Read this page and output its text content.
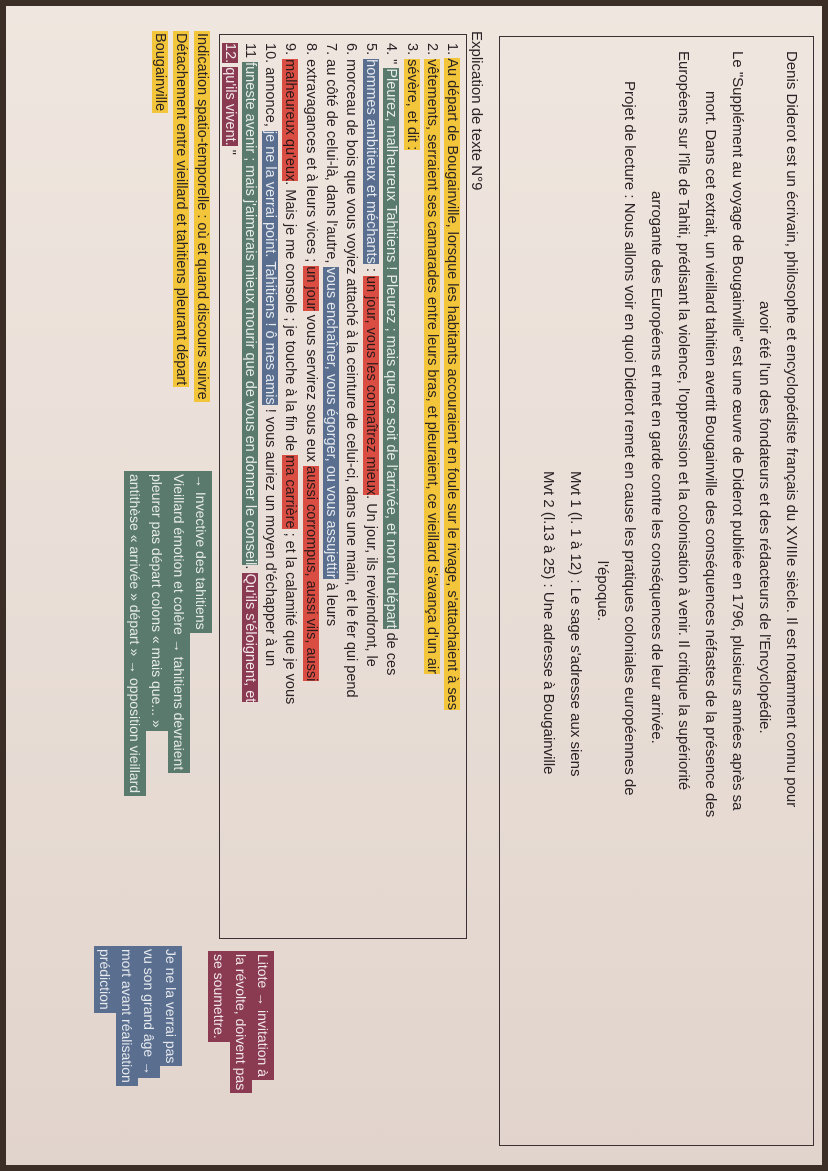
Denis Diderot est un écrivain, philosophe et encyclopédiste français du XVIIIe siècle. Il est notamment connu pour

avoir été l'un des fondateurs et des rédacteurs de l'Encyclopédie.

Le "Supplément au voyage de Bougainville" est une œuvre de Diderot publiée en 1796, plusieurs années après sa

mort. Dans cet extrait, un vieillard tahitien avertit Bougainville des conséquences néfastes de la présence des

Européens sur l'île de Tahiti, prédisant la violence, l'oppression et la colonisation à venir. Il critique la supériorité

arrogante des Européens et met en garde contre les conséquences de leur arrivée.

Projet de lecture : Nous allons voir en quoi Diderot remet en cause les pratiques coloniales européennes de

l'époque.

Mvt 1 (l. 1 à 12) : Le sage s'adresse aux siens

Mvt 2 (l.13 à 25) : Une adresse à Bougainville

Explication de texte N°9
1. Au départ de Bougainville, lorsque les habitants accouraient en foule sur le rivage, s'attachaient à ses
2. vêtements, serraient ses camarades entre leurs bras, et pleuraient, ce vieillard s'avança d'un air
3. sévère, et dit :
4. " Pleurez, malheureux Tahitiens ! Pleurez ; mais que ce soit de l'arrivée, et non du départ de ces
5. hommes ambitieux et méchants : un jour, vous les connaîtrez mieux. Un jour, ils reviendront, le
6. morceau de bois que vous voyiez attaché à la ceinture de celui-ci, dans une main, et le fer qui pend
7. au côté de celui-là, dans l'autre, vous enchaîner, vous égorger, ou vous assujettir à leurs
8. extravagances et à leurs vices ; un jour vous servirez sous eux aussi corrompus, aussi vils, aussi
9. malheureux qu'eux. Mais je me console ; je touche à la fin de ma carrière ; et la calamité que je vous
10. annonce, je ne la verrai point. Tahitiens ! ô mes amis ! vous auriez un moyen d'échapper à un
11 funeste avenir ; mais j'aimerais mieux mourir que de vous en donner le conseil. Qu'ils s'éloignent, et
12. qu'ils vivent. "
Indication spatio-temporelle : où et quand discours suivre
Détachement entre vieillard et tahitiens pleurant départ
Bougainville
→ Invective des tahitiens
Vieillard émotion et colère → tahitiens devraient
pleurer pas départ colons « mais que... »
antithèse « arrivée » départ » → opposition vieillard
Je ne la verrai pas
vu son grand âge →
mort avant réalisation
prédiction	Litote → invitation à
la révolte, doivent pas
se soumettre.
